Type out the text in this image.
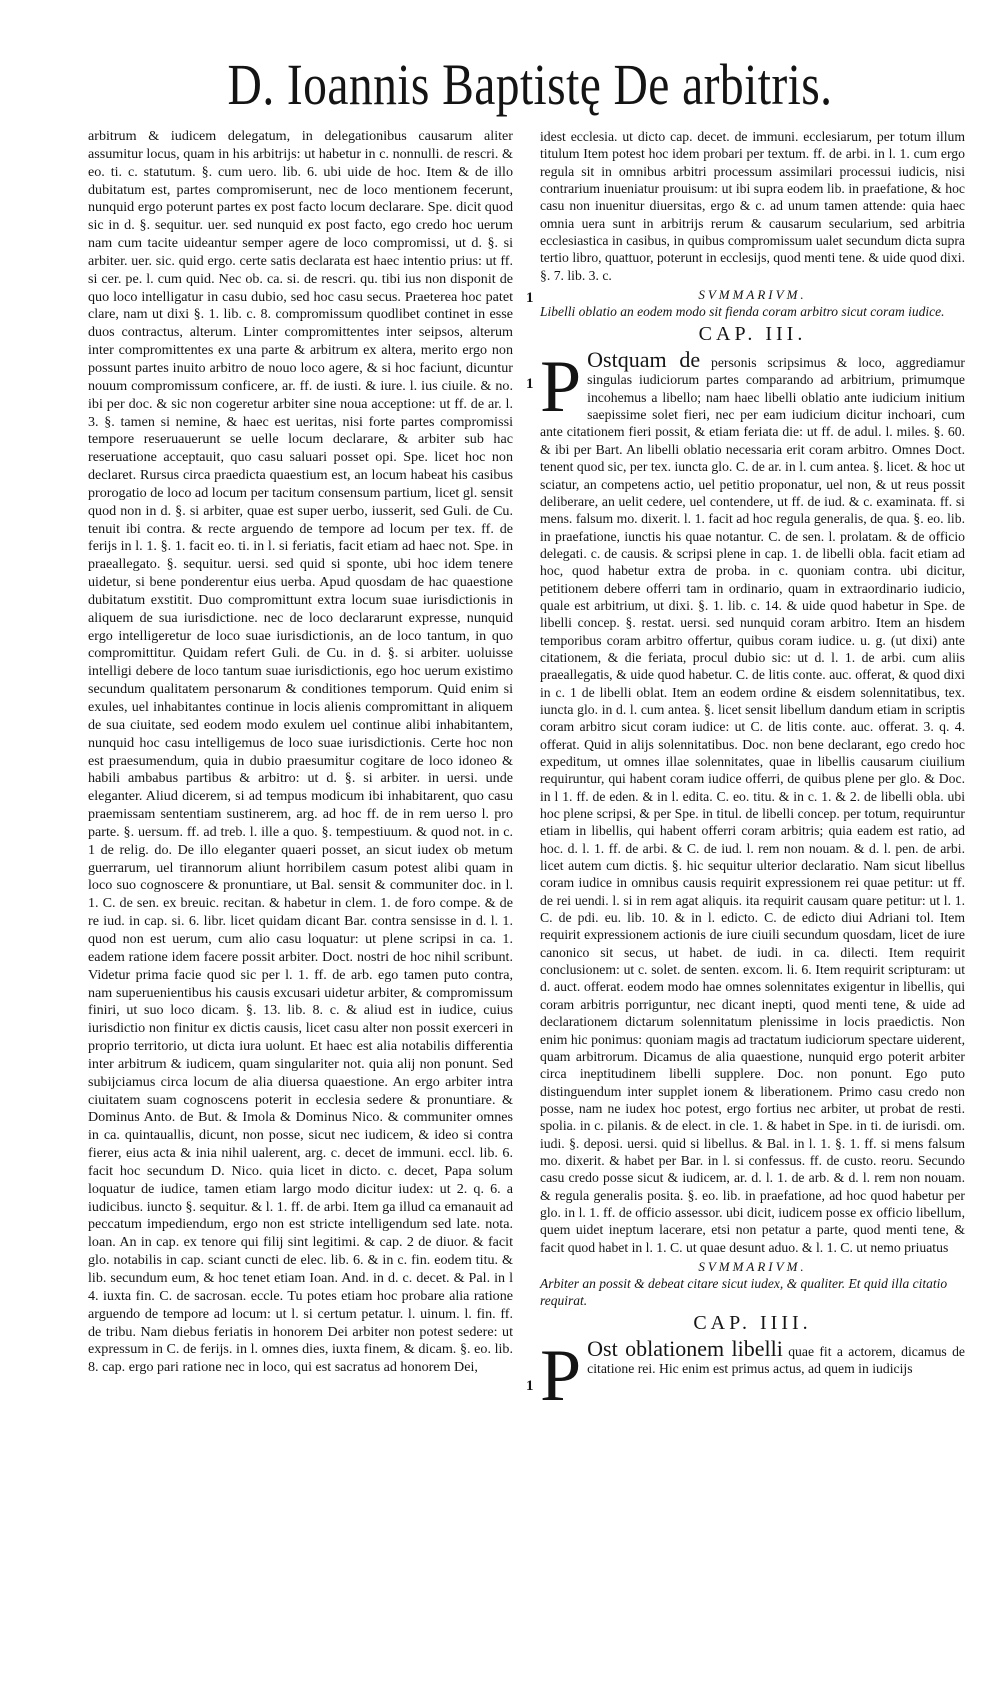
D. Ioannis Baptistę De arbitris.

arbitrum & iudicem delegatum, in delegationibus causarum aliter assumitur locus, quam in his arbitrijs: ut habetur in c. nonnulli. de rescri. & eo. ti. c. statutum. §. cum uero. lib. 6. ubi uide de hoc. Item & de illo dubitatum est, partes compromiserunt, nec de loco mentionem fecerunt, nunquid ergo poterunt partes ex post facto locum declarare. Spe. dicit quod sic in d. §. sequitur. uer. sed nunquid ex post facto, ego credo hoc uerum nam cum tacite uideantur semper agere de loco compromissi, ut d. §. si arbiter. uer. sic. quid ergo. certe satis declarata est haec intentio prius: ut ff. si cer. pe. l. cum quid. Nec ob. ca. si. de rescri. qu. tibi ius non disponit de quo loco intelligatur in casu dubio, sed hoc casu secus. Praeterea hoc patet clare, nam ut dixi §. 1. lib. c. 8. compromissum quodlibet continet in esse duos contractus, alterum. Linter compromittentes inter seipsos, alterum inter compromittentes ex una parte & arbitrum ex altera, merito ergo non possunt partes inuito arbitro de nouo loco agere, & si hoc faciunt, dicuntur nouum compromissum conficere, ar. ff. de iusti. & iure. l. ius ciuile. & no. ibi per doc. & sic non cogeretur arbiter sine noua acceptione: ut ff. de ar. l. 3. §. tamen si nemine, & haec est ueritas, nisi forte partes compromissi tempore reseruauerunt se uelle locum declarare, & arbiter sub hac reseruatione acceptauit, quo casu saluari posset opi. Spe. licet hoc non declaret. Rursus circa praedicta quaestium est, an locum habeat his casibus prorogatio de loco ad locum per tacitum consensum partium, licet gl. sensit quod non in d. §. si arbiter, quae est super uerbo, iusserit, sed Guli. de Cu. tenuit ibi contra. & recte arguendo de tempore ad locum per tex. ff. de ferijs in l. 1. §. 1. facit eo. ti. in l. si feriatis, facit etiam ad haec not. Spe. in praeallegato. §. sequitur. uersi. sed quid si sponte, ubi hoc idem tenere uidetur, si bene ponderentur eius uerba. Apud quosdam de hac quaestione dubitatum exstitit. Duo compromittunt extra locum suae iurisdictionis in aliquem de sua iurisdictione. nec de loco declararunt expresse, nunquid ergo intelligeretur de loco suae iurisdictionis, an de loco tantum, in quo compromittitur. Quidam refert Guli. de Cu. in d. §. si arbiter. uoluisse intelligi debere de loco tantum suae iurisdictionis, ego hoc uerum existimo secundum qualitatem personarum & conditiones temporum. Quid enim si exules, uel inhabitantes continue in locis alienis compromittant in aliquem de sua ciuitate, sed eodem modo exulem uel continue alibi inhabitantem, nunquid hoc casu intelligemus de loco suae iurisdictionis. Certe hoc non est praesumendum, quia in dubio praesumitur cogitare de loco idoneo & habili ambabus partibus & arbitro: ut d. §. si arbiter. in uersi. unde eleganter. Aliud dicerem, si ad tempus modicum ibi inhabitarent, quo casu praemissam sententiam sustinerem, arg. ad hoc ff. de in rem uerso l. pro parte. §. uersum. ff. ad treb. l. ille a quo. §. tempestiuum. & quod not. in c. 1 de relig. do. De illo eleganter quaeri posset, an sicut iudex ob metum guerrarum, uel tirannorum aliunt horribilem casum potest alibi quam in loco suo cognoscere & pronuntiare, ut Bal. sensit & communiter doc. in l. 1. C. de sen. ex breuic. recitan. & habetur in clem. 1. de foro compe. & de re iud. in cap. si. 6. libr. licet quidam dicant Bar. contra sensisse in d. l. 1. quod non est uerum, cum alio casu loquatur: ut plene scripsi in ca. 1. eadem ratione idem facere possit arbiter. Doct. nostri de hoc nihil scribunt. Videtur prima facie quod sic per l. 1. ff. de arb. ego tamen puto contra, nam superuenientibus his causis excusari uidetur arbiter, & compromissum finiri, ut suo loco dicam. §. 13. lib. 8. c. & aliud est in iudice, cuius iurisdictio non finitur ex dictis causis, licet casu alter non possit exerceri in proprio territorio, ut dicta iura uolunt. Et haec est alia notabilis differentia inter arbitrum & iudicem, quam singulariter not. quia alij non ponunt. Sed subijciamus circa locum de alia diuersa quaestione. An ergo arbiter intra ciuitatem suam cognoscens poterit in ecclesia sedere & pronuntiare. & Dominus Anto. de But. & Imola & Dominus Nico. & communiter omnes in ca. quintauallis, dicunt, non posse, sicut nec iudicem, & ideo si contra fierer, eius acta & inia nihil ualerent, arg. c. decet de immuni. eccl. lib. 6. facit hoc secundum D. Nico. quia licet in dicto. c. decet, Papa solum loquatur de iudice, tamen etiam largo modo dicitur iudex: ut 2. q. 6. a iudicibus. iuncto §. sequitur. & l. 1. ff. de arbi. Item ga illud ca emanauit ad peccatum impediendum, ergo non est stricte intelligendum sed late. nota. loan. An in cap. ex tenore qui filij sint legitimi. & cap. 2 de diuor. & facit glo. notabilis in cap. sciant cuncti de elec. lib. 6. & in c. fin. eodem titu. & lib. secundum eum, & hoc tenet etiam Ioan. And. in d. c. decet. & Pal. in l 4. iuxta fin. C. de sacrosan. eccle. Tu potes etiam hoc probare alia ratione arguendo de tempore ad locum: ut l. si certum petatur. l. uinum. l. fin. ff. de tribu. Nam diebus feriatis in honorem Dei arbiter non potest sedere: ut expressum in C. de ferijs. in l. omnes dies, iuxta finem, & dicam. §. eo. lib. 8. cap. ergo pari ratione nec in loco, qui est sacratus ad honorem Dei,

1
1
1

idest ecclesia. ut dicto cap. decet. de immuni. ecclesiarum, per totum illum titulum Item potest hoc idem probari per textum. ff. de arbi. in l. 1. cum ergo regula sit in omnibus arbitri processum assimilari processui iudicis, nisi contrarium inueniatur prouisum: ut ibi supra eodem lib. in praefatione, & hoc casu non inuenitur diuersitas, ergo & c. ad unum tamen attende: quia haec omnia uera sunt in arbitrijs rerum & causarum secularium, sed arbitria ecclesiastica in casibus, in quibus compromissum ualet secundum dicta supra tertio libro, quattuor, poterunt in ecclesijs, quod menti tene. & uide quod dixi. §. 7. lib. 3. c.

SVMMARIVM.
Libelli oblatio an eodem modo sit fienda coram arbitro sicut coram iudice.
CAP. III.

P Ostquam de personis scripsimus & loco, aggrediamur singulas iudiciorum partes comparando ad arbitrium, primumque incohemus a libello; nam haec libelli oblatio ante iudicium initium saepissime solet fieri, nec per eam iudicium dicitur inchoari, cum ante citationem fieri possit, & etiam feriata die: ut ff. de adul. l. miles. §. 60. & ibi per Bart. An libelli oblatio necessaria erit coram arbitro. Omnes Doct. tenent quod sic, per tex. iuncta glo. C. de ar. in l. cum antea. §. licet. & hoc ut sciatur, an competens actio, uel petitio proponatur, uel non, & ut reus possit deliberare, an uelit cedere, uel contendere, ut ff. de iud. & c. examinata. ff. si mens. falsum mo. dixerit. l. 1. facit ad hoc regula generalis, de qua. §. eo. lib. in praefatione, iunctis his quae notantur. C. de sen. l. prolatam. & de officio delegati. c. de causis. & scripsi plene in cap. 1. de libelli obla. facit etiam ad hoc, quod habetur extra de proba. in c. quoniam contra. ubi dicitur, petitionem debere offerri tam in ordinario, quam in extraordinario iudicio, quale est arbitrium, ut dixi. §. 1. lib. c. 14. & uide quod habetur in Spe. de libelli concep. §. restat. uersi. sed nunquid coram arbitro. Item an hisdem temporibus coram arbitro offertur, quibus coram iudice. u. g. (ut dixi) ante citationem, & die feriata, procul dubio sic: ut d. l. 1. de arbi. cum aliis praeallegatis, & uide quod habetur. C. de litis conte. auc. offerat, & quod dixi in c. 1 de libelli oblat. Item an eodem ordine & eisdem solennitatibus, tex. iuncta glo. in d. l. cum antea. §. licet sensit libellum dandum etiam in scriptis coram arbitro sicut coram iudice: ut C. de litis conte. auc. offerat. 3. q. 4. offerat. Quid in alijs solennitatibus. Doc. non bene declarant, ego credo hoc expeditum, ut omnes illae solennitates, quae in libellis causarum ciuilium requiruntur, qui habent coram iudice offerri, de quibus plene per glo. & Doc. in l 1. ff. de eden. & in l. edita. C. eo. titu. & in c. 1. & 2. de libelli obla. ubi hoc plene scripsi, & per Spe. in titul. de libelli concep. per totum, requiruntur etiam in libellis, qui habent offerri coram arbitris; quia eadem est ratio, ad hoc. d. l. 1. ff. de arbi. & C. de iud. l. rem non nouam. & d. l. pen. de arbi. licet autem cum dictis. §. hic sequitur ulterior declaratio. Nam sicut libellus coram iudice in omnibus causis requirit expressionem rei quae petitur: ut ff. de rei uendi. l. si in rem agat aliquis. ita requirit causam quare petitur: ut l. 1. C. de pdi. eu. lib. 10. & in l. edicto. C. de edicto diui Adriani tol. Item requirit expressionem actionis de iure ciuili secundum quosdam, licet de iure canonico sit secus, ut habet. de iudi. in ca. dilecti. Item requirit conclusionem: ut c. solet. de senten. excom. li. 6. Item requirit scripturam: ut d. auct. offerat. eodem modo hae omnes solennitates exigentur in libellis, qui coram arbitris porriguntur, nec dicant inepti, quod menti tene, & uide ad declarationem dictarum solennitatum plenissime in locis praedictis. Non enim hic ponimus: quoniam magis ad tractatum iudiciorum spectare uiderent, quam arbitrorum. Dicamus de alia quaestione, nunquid ergo poterit arbiter circa ineptitudinem libelli supplere. Doc. non ponunt. Ego puto distinguendum inter supplet ionem & liberationem. Primo casu credo non posse, nam ne iudex hoc potest, ergo fortius nec arbiter, ut probat de resti. spolia. in c. pilanis. & de elect. in cle. 1. & habet in Spe. in ti. de iurisdi. om. iudi. §. deposi. uersi. quid si libellus. & Bal. in l. 1. §. 1. ff. si mens falsum mo. dixerit. & habet per Bar. in l. si confessus. ff. de custo. reoru. Secundo casu credo posse sicut & iudicem, ar. d. l. 1. de arb. & d. l. rem non nouam. & regula generalis posita. §. eo. lib. in praefatione, ad hoc quod habetur per glo. in l. 1. ff. de officio assessor. ubi dicit, iudicem posse ex officio libellum, quem uidet ineptum lacerare, etsi non petatur a parte, quod menti tene, & facit quod habet in l. 1. C. ut quae desunt aduo. & l. 1. C. ut nemo priuatus

SVMMARIVM.
Arbiter an possit & debeat citare sicut iudex, & qualiter. Et quid illa citatio requirat.
CAP. IIII.

P Ost oblationem libelli quae fit a actorem, dicamus de citatione rei. Hic enim est primus actus, ad quem in iudicijs
